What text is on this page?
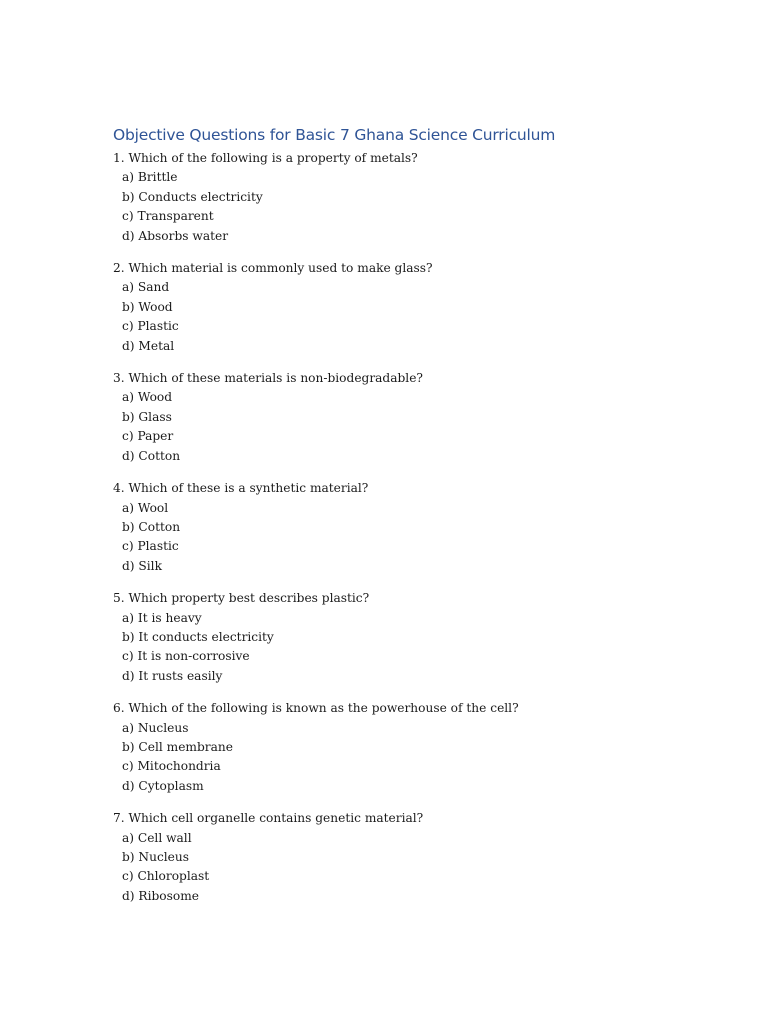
Objective Questions for Basic 7 Ghana Science Curriculum
1. Which of the following is a property of metals?
a) Brittle
b) Conducts electricity
c) Transparent
d) Absorbs water
2. Which material is commonly used to make glass?
a) Sand
b) Wood
c) Plastic
d) Metal
3. Which of these materials is non-biodegradable?
a) Wood
b) Glass
c) Paper
d) Cotton
4. Which of these is a synthetic material?
a) Wool
b) Cotton
c) Plastic
d) Silk
5. Which property best describes plastic?
a) It is heavy
b) It conducts electricity
c) It is non-corrosive
d) It rusts easily
6. Which of the following is known as the powerhouse of the cell?
a) Nucleus
b) Cell membrane
c) Mitochondria
d) Cytoplasm
7. Which cell organelle contains genetic material?
a) Cell wall
b) Nucleus
c) Chloroplast
d) Ribosome
